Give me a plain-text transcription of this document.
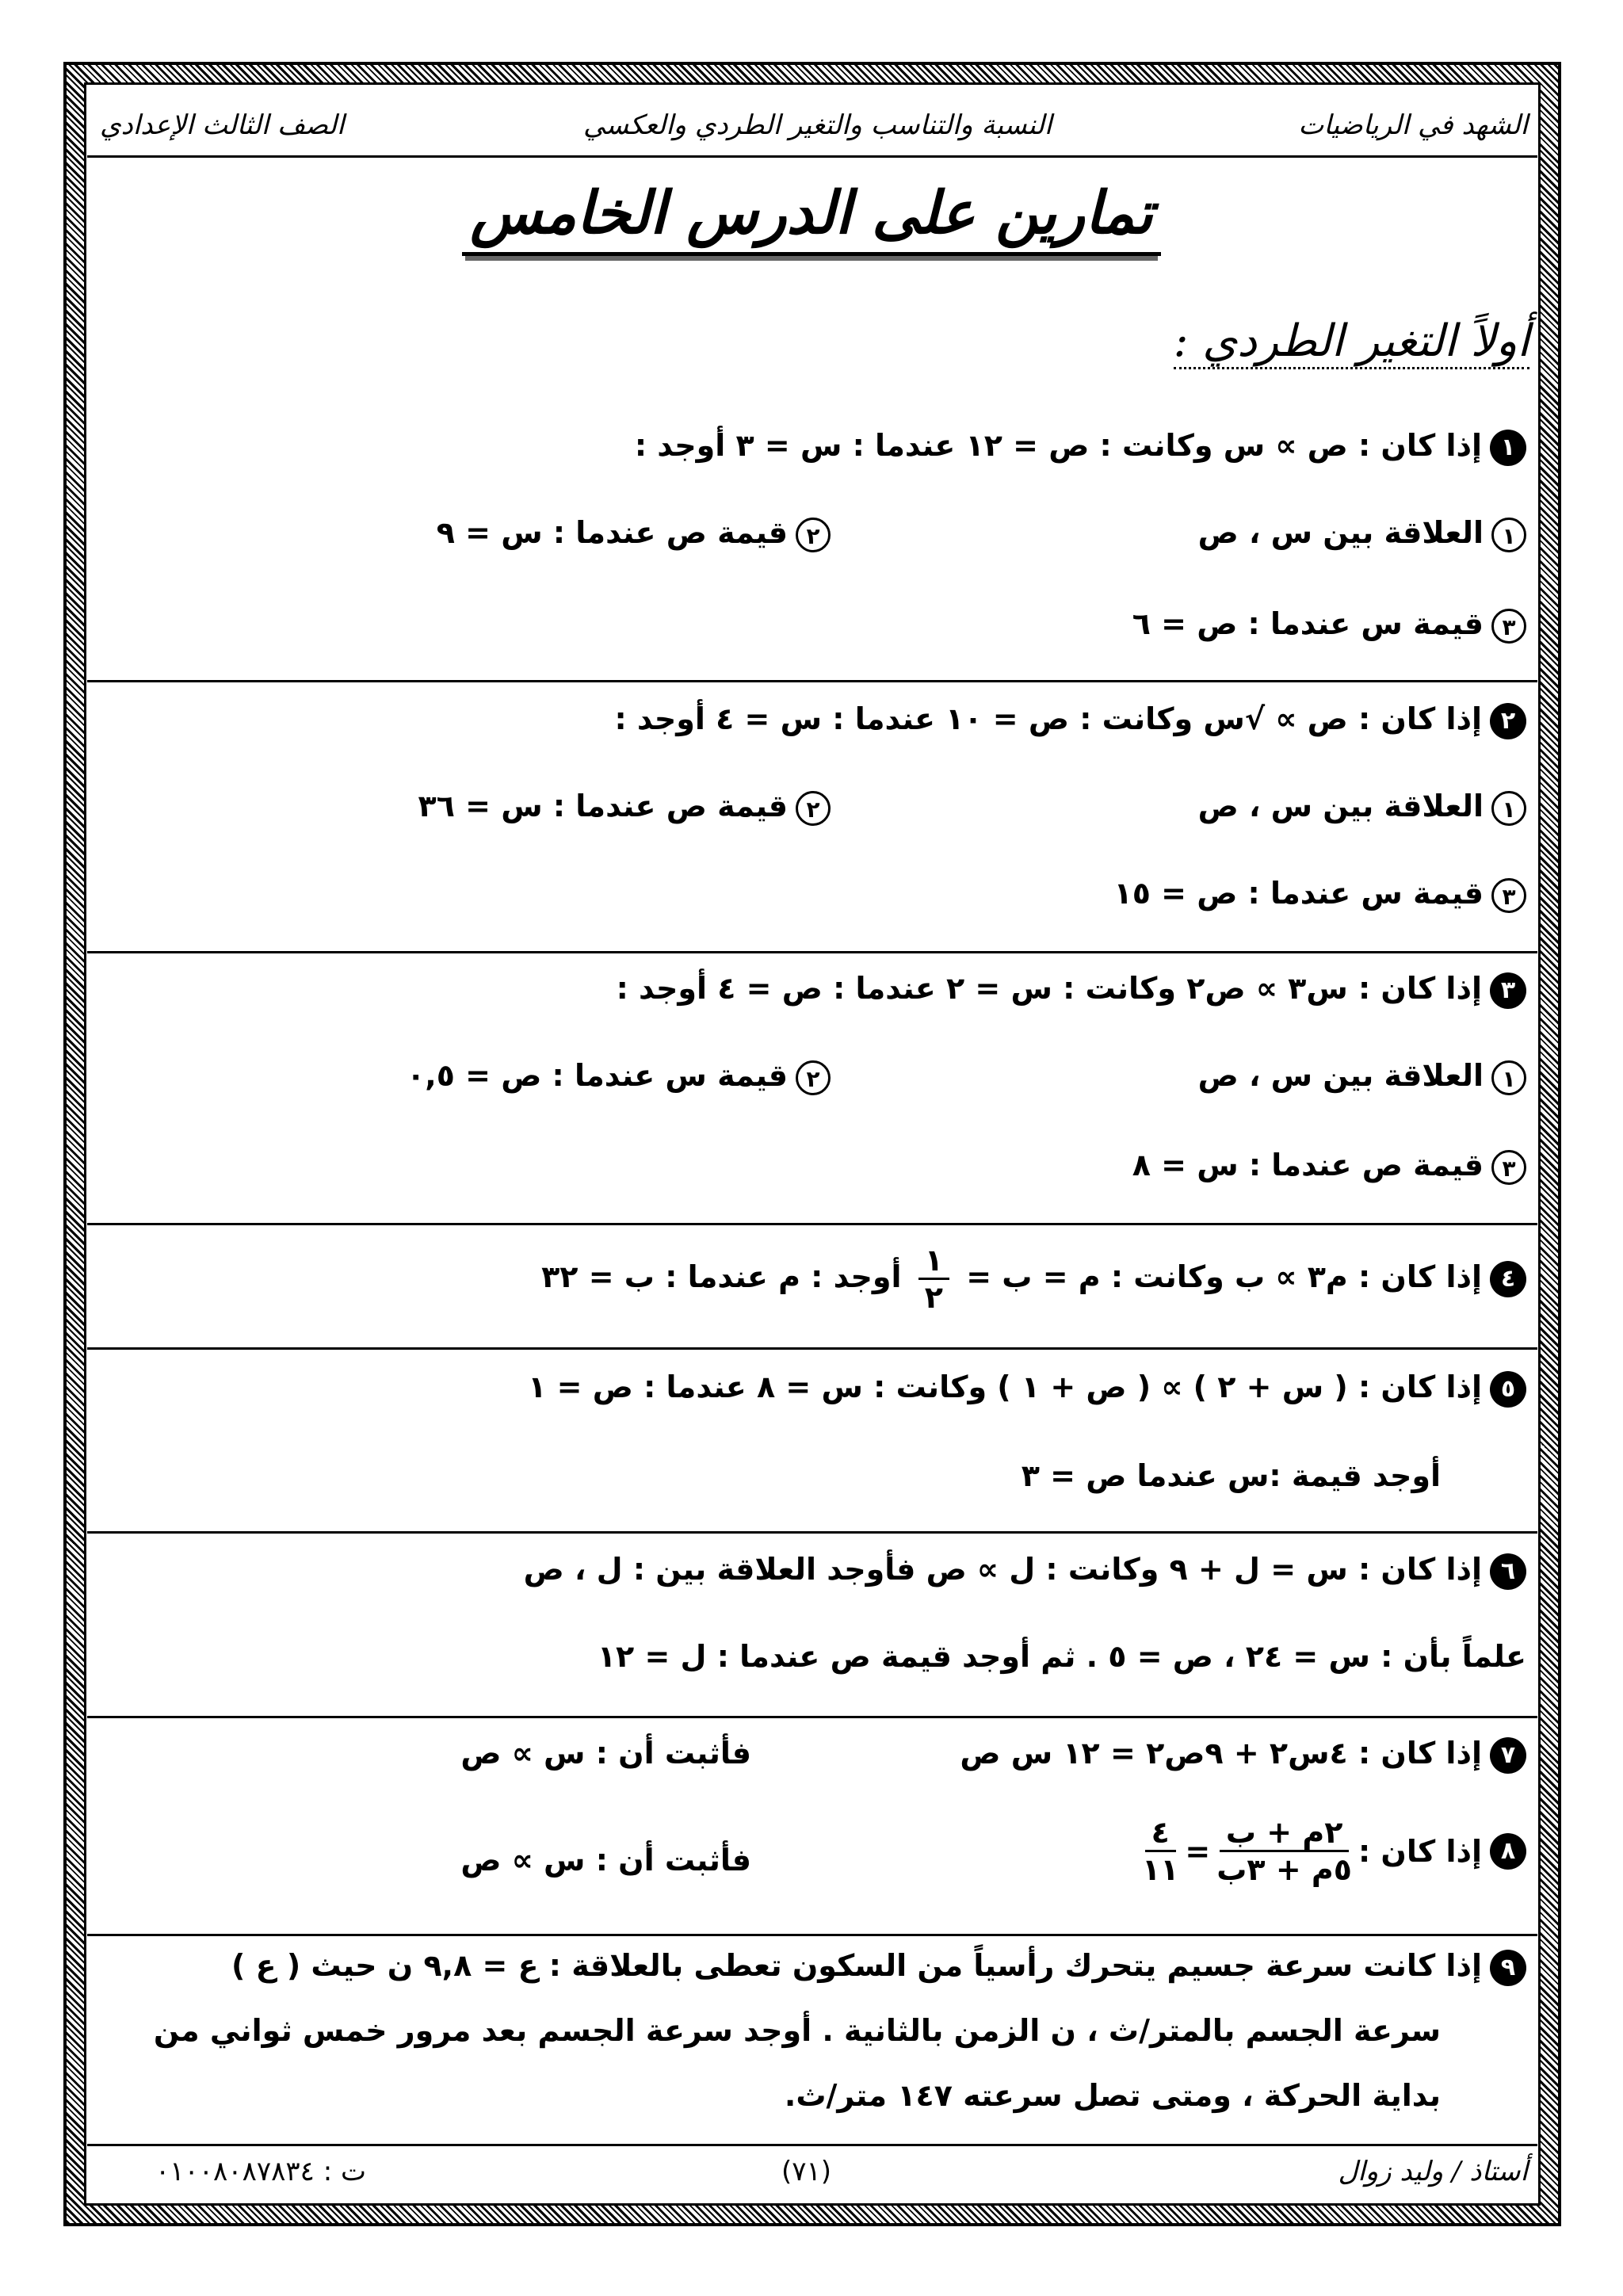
الشهد في الرياضيات
النسبة والتناسب والتغير الطردي والعكسي
الصف الثالث الإعدادي
تمارين على الدرس الخامس
أولاً التغير الطردي :
١إذا كان : ص ∝ س وكانت : ص = ١٢ عندما : س = ٣ أوجد :
١العلاقة بين س ، ص
٢قيمة ص عندما : س = ٩
٣قيمة س عندما : ص = ٦
٢إذا كان : ص ∝ √س وكانت : ص = ١٠ عندما : س = ٤ أوجد :
١العلاقة بين س ، ص
٢قيمة ص عندما : س = ٣٦
٣قيمة س عندما : ص = ١٥
٣إذا كان : س٣ ∝ ص٢ وكانت : س = ٢ عندما : ص = ٤ أوجد :
١العلاقة بين س ، ص
٢قيمة س عندما : ص = ٠,٥
٣قيمة ص عندما : س = ٨
٤إذا كان : م٣ ∝ ب وكانت : م = ب =
$\frac{١}{٢}$
أوجد : م عندما : ب = ٣٢
٥إذا كان : ( س + ٢ ) ∝ ( ص + ١ ) وكانت : س = ٨ عندما : ص = ١
أوجد قيمة :س عندما ص = ٣
٦إذا كان : س = ل + ٩ وكانت : ل ∝ ص فأوجد العلاقة بين : ل ، ص
علماً بأن : س = ٢٤ ، ص = ٥ . ثم أوجد قيمة ص عندما : ل = ١٢
٧إذا كان : ٤س٢ + ٩ص٢ = ١٢ س ص
فأثبت أن : س ∝ ص
٨
إذا كان :
$\frac{\text{٢م + ب}}{\text{٥م + ٣ب}}$
=
$\frac{٤}{١١}$
فأثبت أن : س ∝ ص
٩إذا كانت سرعة جسيم يتحرك رأسياً من السكون تعطى بالعلاقة : ع = ٩,٨ ن حيث ( ع )
سرعة الجسم بالمتر/ث ، ن الزمن بالثانية . أوجد سرعة الجسم بعد مرور خمس ثواني من
بداية الحركة ، ومتى تصل سرعته ١٤٧ متر/ث.
أستاذ / وليد زوال
(٧١)
ت : ٠١٠٠٨٠٨٧٨٣٤
